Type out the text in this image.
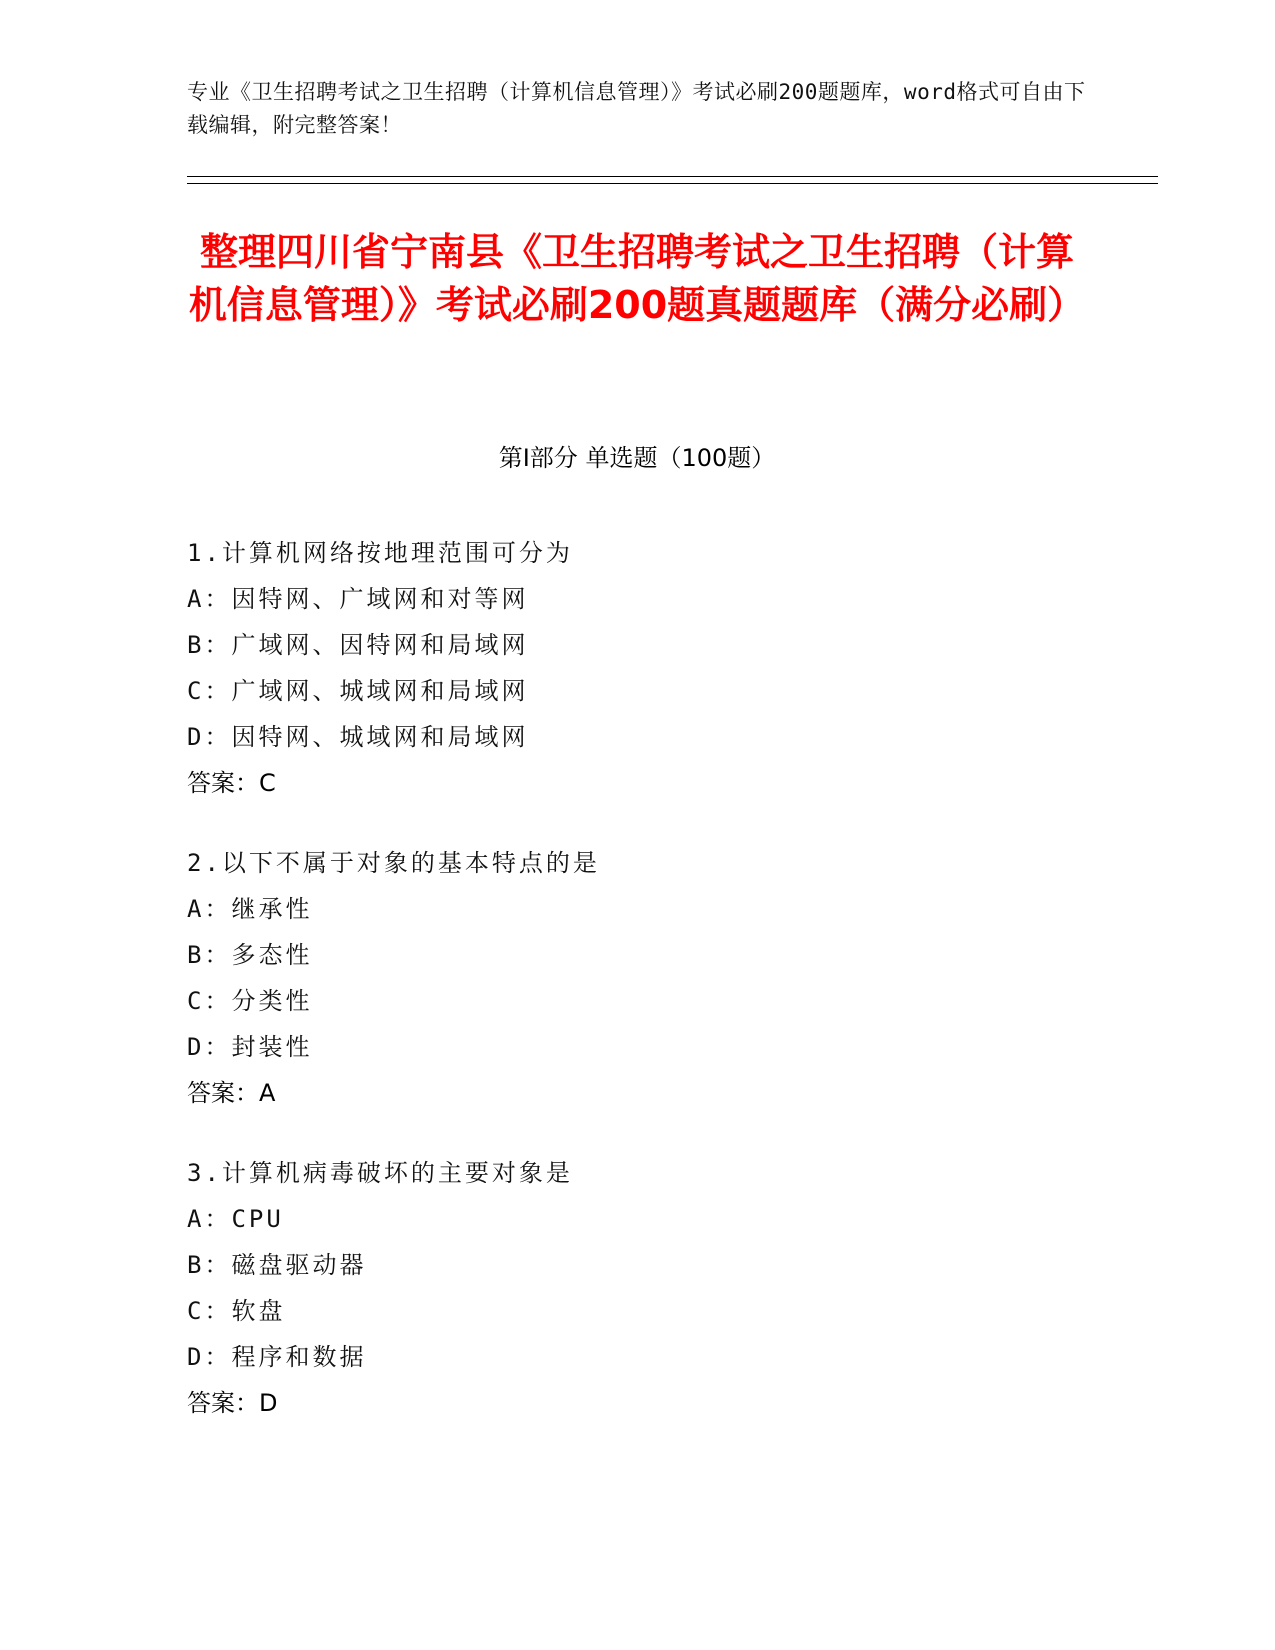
专业《卫生招聘考试之卫生招聘（计算机信息管理）》考试必刷200题题库，word格式可自由下载编辑，附完整答案！
整理四川省宁南县《卫生招聘考试之卫生招聘（计算机信息管理）》考试必刷200题真题题库（满分必刷）
第Ⅰ部分 单选题（100题）
1.计算机网络按地理范围可分为
A：因特网、广域网和对等网
B：广域网、因特网和局域网
C：广域网、城域网和局域网
D：因特网、城域网和局域网
答案：C
2.以下不属于对象的基本特点的是
A：继承性
B：多态性
C：分类性
D：封装性
答案：A
3.计算机病毒破坏的主要对象是
A：CPU
B：磁盘驱动器
C：软盘
D：程序和数据
答案：D
